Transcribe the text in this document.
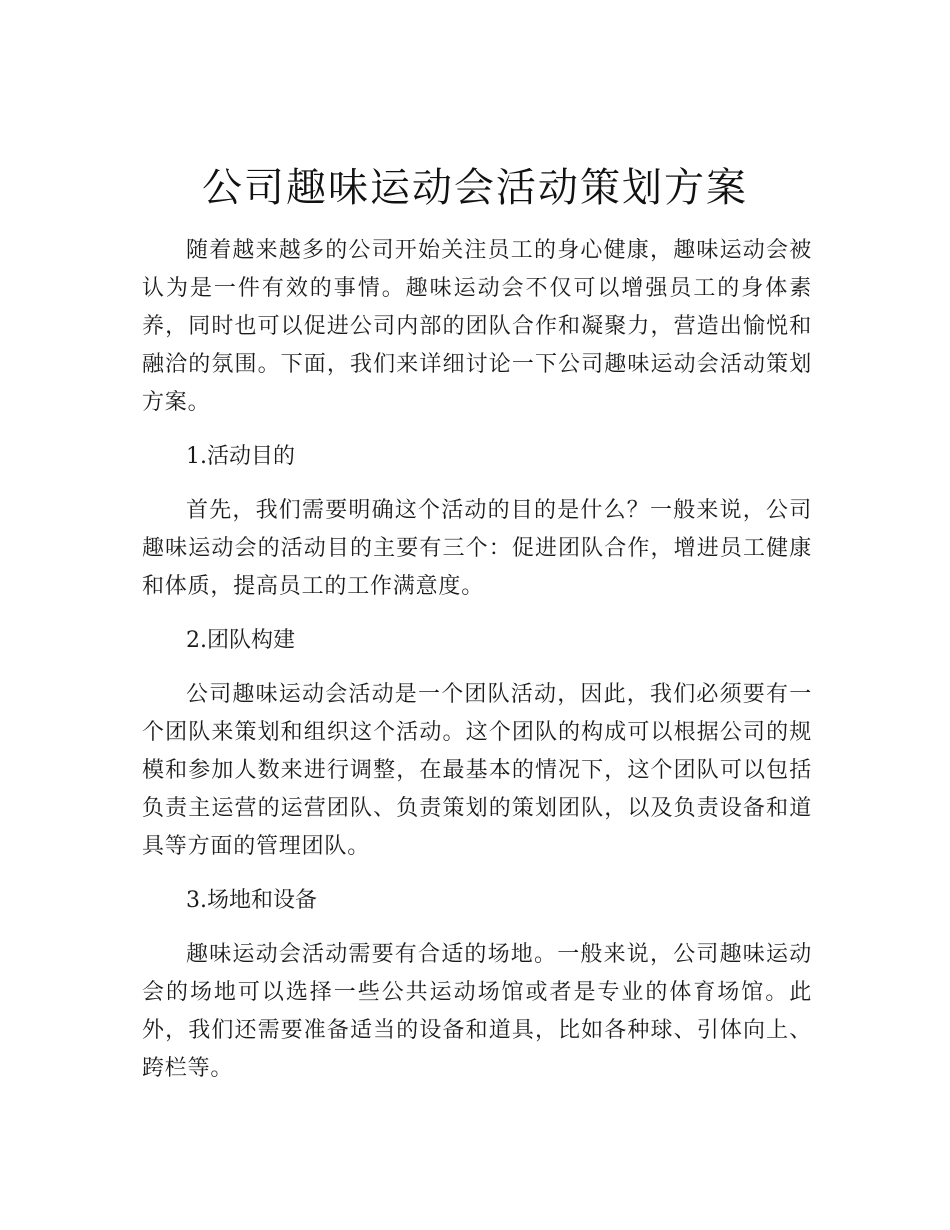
公司趣味运动会活动策划方案

随着越来越多的公司开始关注员工的身心健康，趣味运动会被认为是一件有效的事情。趣味运动会不仅可以增强员工的身体素养，同时也可以促进公司内部的团队合作和凝聚力，营造出愉悦和融洽的氛围。下面，我们来详细讨论一下公司趣味运动会活动策划方案。

1.活动目的

首先，我们需要明确这个活动的目的是什么？一般来说，公司趣味运动会的活动目的主要有三个：促进团队合作，增进员工健康和体质，提高员工的工作满意度。

2.团队构建

公司趣味运动会活动是一个团队活动，因此，我们必须要有一个团队来策划和组织这个活动。这个团队的构成可以根据公司的规模和参加人数来进行调整，在最基本的情况下，这个团队可以包括负责主运营的运营团队、负责策划的策划团队，以及负责设备和道具等方面的管理团队。

3.场地和设备

趣味运动会活动需要有合适的场地。一般来说，公司趣味运动会的场地可以选择一些公共运动场馆或者是专业的体育场馆。此外，我们还需要准备适当的设备和道具，比如各种球、引体向上、跨栏等。
